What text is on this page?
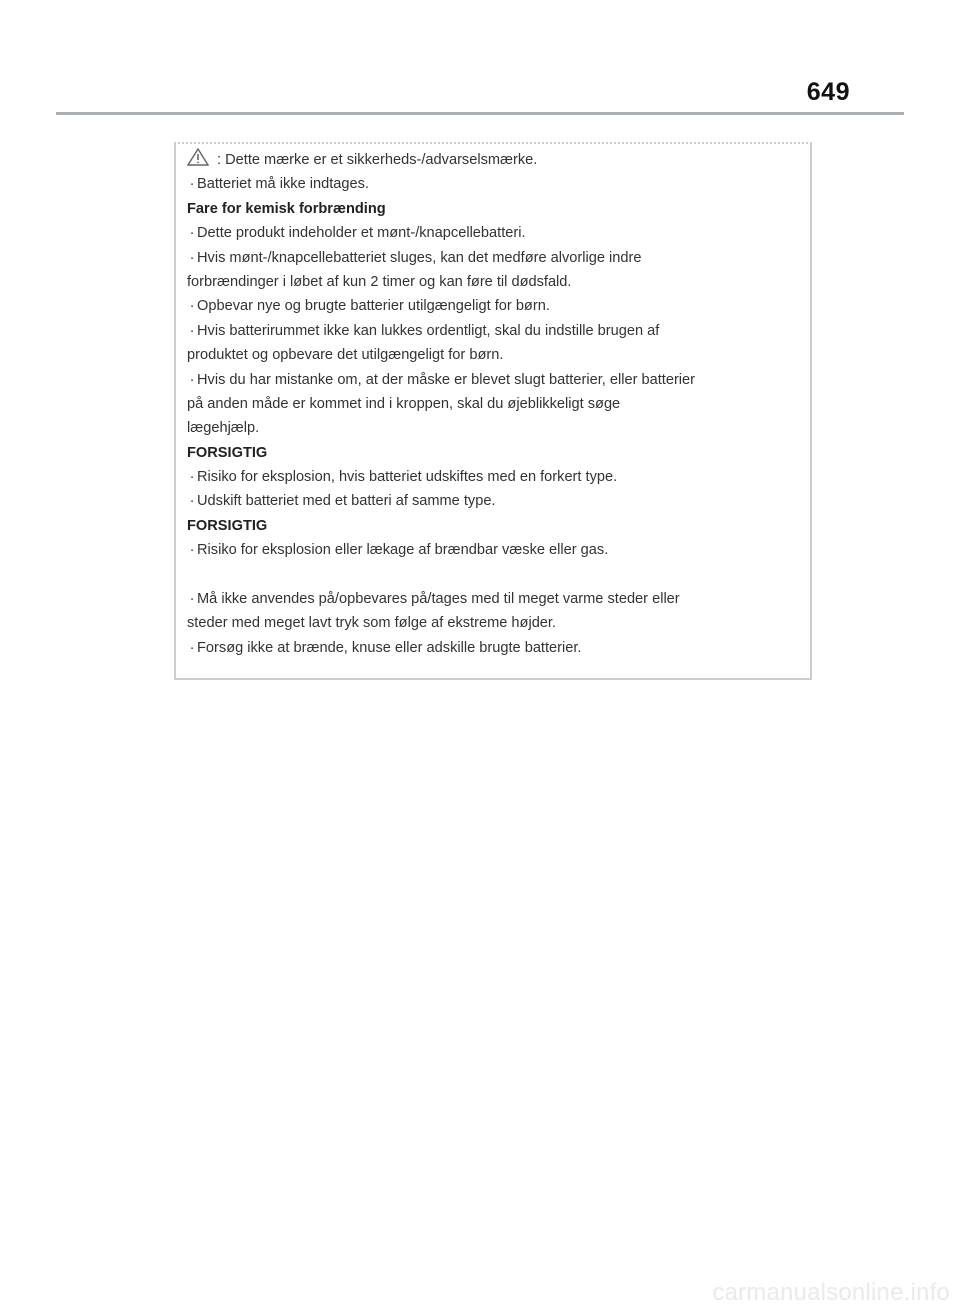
649
: Dette mærke er et sikkerheds-/advarselsmærke.
· Batteriet må ikke indtages.
Fare for kemisk forbrænding
· Dette produkt indeholder et mønt-/knapcellebatteri.
· Hvis mønt-/knapcellebatteriet sluges, kan det medføre alvorlige indre
forbrændinger i løbet af kun 2 timer og kan føre til dødsfald.
· Opbevar nye og brugte batterier utilgængeligt for børn.
· Hvis batterirummet ikke kan lukkes ordentligt, skal du indstille brugen af
produktet og opbevare det utilgængeligt for børn.
· Hvis du har mistanke om, at der måske er blevet slugt batterier, eller batterier
på anden måde er kommet ind i kroppen, skal du øjeblikkeligt søge
lægehjælp.
FORSIGTIG
· Risiko for eksplosion, hvis batteriet udskiftes med en forkert type.
· Udskift batteriet med et batteri af samme type.
FORSIGTIG
· Risiko for eksplosion eller lækage af brændbar væske eller gas.
· Må ikke anvendes på/opbevares på/tages med til meget varme steder eller
steder med meget lavt tryk som følge af ekstreme højder.
· Forsøg ikke at brænde, knuse eller adskille brugte batterier.
carmanualsonline.info
